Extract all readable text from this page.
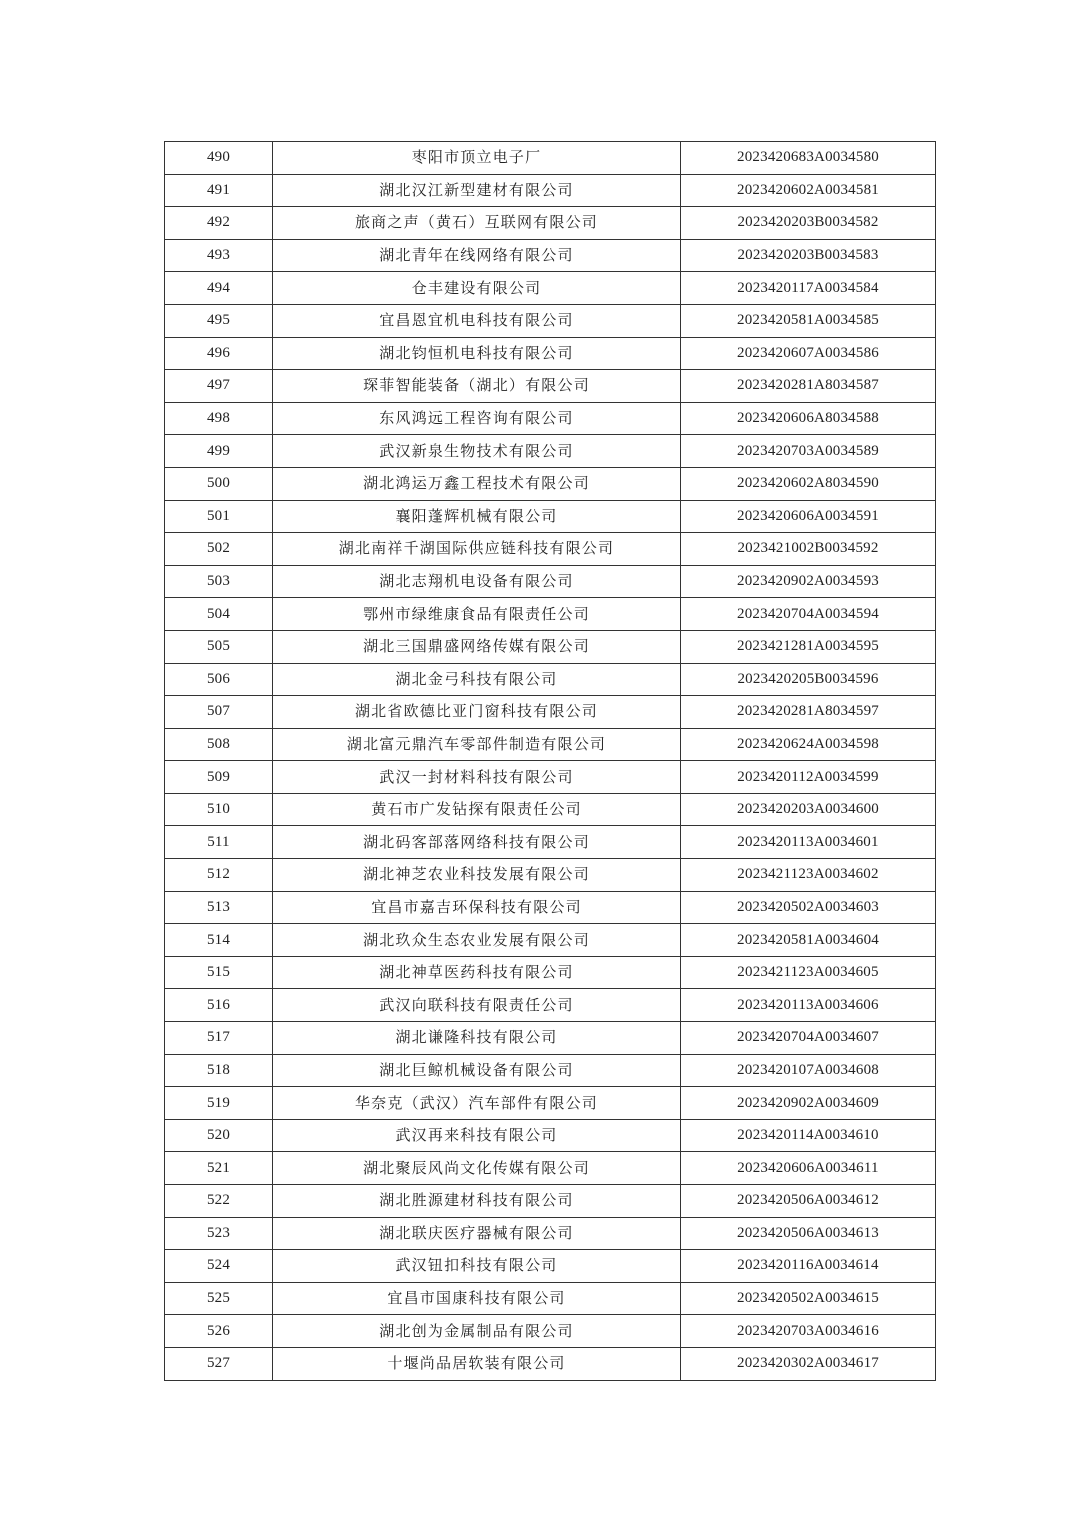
490	枣阳市顶立电子厂	2023420683A0034580
491	湖北汉江新型建材有限公司	2023420602A0034581
492	旅商之声（黄石）互联网有限公司	2023420203B0034582
493	湖北青年在线网络有限公司	2023420203B0034583
494	仓丰建设有限公司	2023420117A0034584
495	宜昌恩宜机电科技有限公司	2023420581A0034585
496	湖北钧恒机电科技有限公司	2023420607A0034586
497	琛菲智能装备（湖北）有限公司	2023420281A8034587
498	东风鸿远工程咨询有限公司	2023420606A8034588
499	武汉新泉生物技术有限公司	2023420703A0034589
500	湖北鸿运万鑫工程技术有限公司	2023420602A8034590
501	襄阳蓬辉机械有限公司	2023420606A0034591
502	湖北南祥千湖国际供应链科技有限公司	2023421002B0034592
503	湖北志翔机电设备有限公司	2023420902A0034593
504	鄂州市绿维康食品有限责任公司	2023420704A0034594
505	湖北三国鼎盛网络传媒有限公司	2023421281A0034595
506	湖北金弓科技有限公司	2023420205B0034596
507	湖北省欧德比亚门窗科技有限公司	2023420281A8034597
508	湖北富元鼎汽车零部件制造有限公司	2023420624A0034598
509	武汉一封材料科技有限公司	2023420112A0034599
510	黄石市广发钻探有限责任公司	2023420203A0034600
511	湖北码客部落网络科技有限公司	2023420113A0034601
512	湖北神芝农业科技发展有限公司	2023421123A0034602
513	宜昌市嘉吉环保科技有限公司	2023420502A0034603
514	湖北玖众生态农业发展有限公司	2023420581A0034604
515	湖北神草医药科技有限公司	2023421123A0034605
516	武汉向联科技有限责任公司	2023420113A0034606
517	湖北谦隆科技有限公司	2023420704A0034607
518	湖北巨鲸机械设备有限公司	2023420107A0034608
519	华奈克（武汉）汽车部件有限公司	2023420902A0034609
520	武汉再来科技有限公司	2023420114A0034610
521	湖北聚辰风尚文化传媒有限公司	2023420606A0034611
522	湖北胜源建材科技有限公司	2023420506A0034612
523	湖北联庆医疗器械有限公司	2023420506A0034613
524	武汉钮扣科技有限公司	2023420116A0034614
525	宜昌市国康科技有限公司	2023420502A0034615
526	湖北创为金属制品有限公司	2023420703A0034616
527	十堰尚品居软装有限公司	2023420302A0034617
